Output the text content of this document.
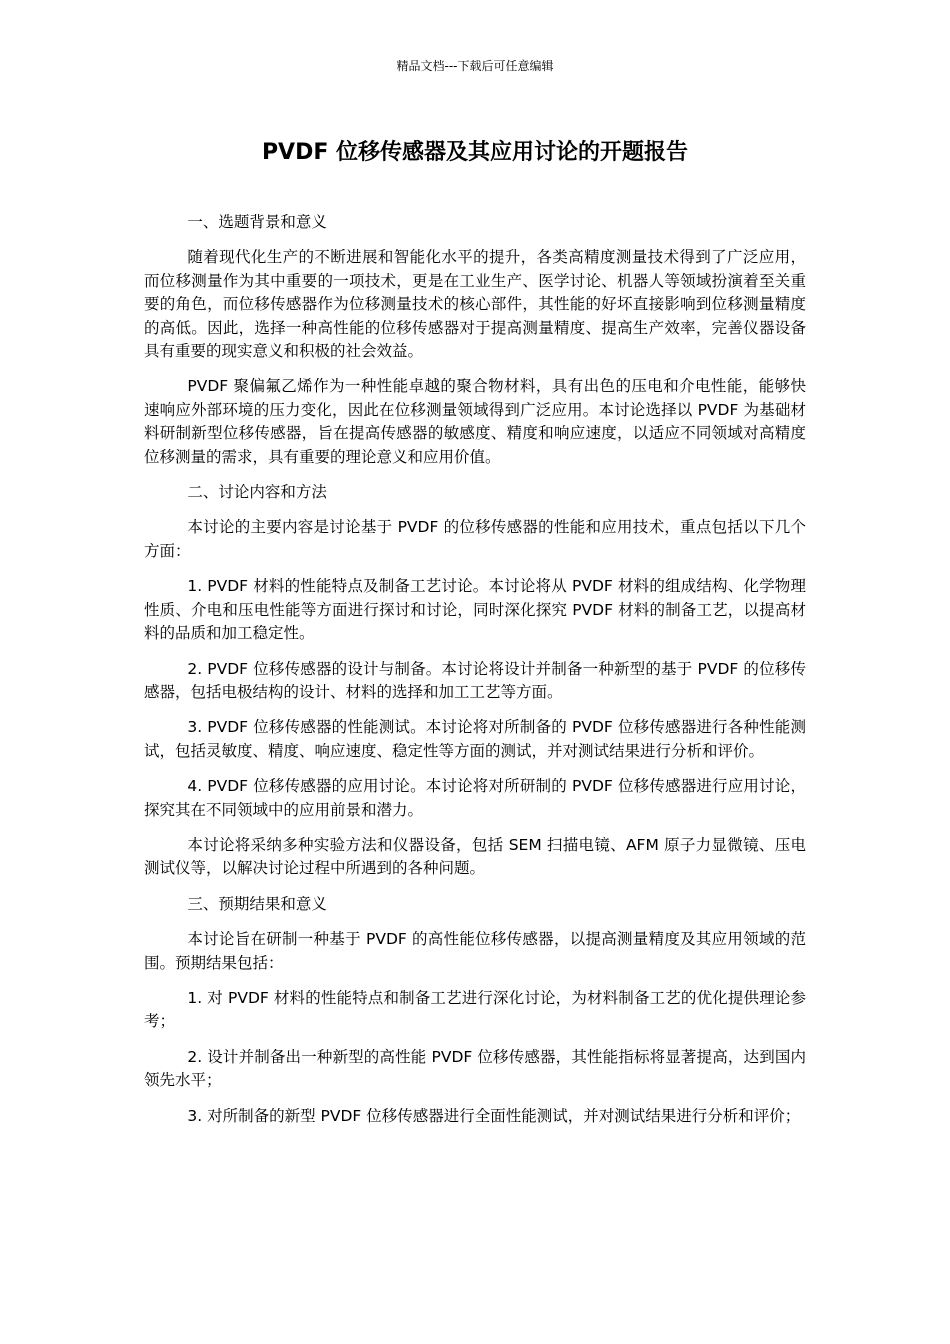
精品文档---下载后可任意编辑
PVDF 位移传感器及其应用讨论的开题报告

一、选题背景和意义

随着现代化生产的不断进展和智能化水平的提升，各类高精度测量技术得到了广泛应用，而位移测量作为其中重要的一项技术，更是在工业生产、医学讨论、机器人等领域扮演着至关重要的角色，而位移传感器作为位移测量技术的核心部件，其性能的好坏直接影响到位移测量精度的高低。因此，选择一种高性能的位移传感器对于提高测量精度、提高生产效率，完善仪器设备具有重要的现实意义和积极的社会效益。

PVDF 聚偏氟乙烯作为一种性能卓越的聚合物材料，具有出色的压电和介电性能，能够快速响应外部环境的压力变化，因此在位移测量领域得到广泛应用。本讨论选择以 PVDF 为基础材料研制新型位移传感器，旨在提高传感器的敏感度、精度和响应速度，以适应不同领域对高精度位移测量的需求，具有重要的理论意义和应用价值。

二、讨论内容和方法

本讨论的主要内容是讨论基于 PVDF 的位移传感器的性能和应用技术，重点包括以下几个方面：

1. PVDF 材料的性能特点及制备工艺讨论。本讨论将从 PVDF 材料的组成结构、化学物理性质、介电和压电性能等方面进行探讨和讨论，同时深化探究 PVDF 材料的制备工艺，以提高材料的品质和加工稳定性。

2. PVDF 位移传感器的设计与制备。本讨论将设计并制备一种新型的基于 PVDF 的位移传感器，包括电极结构的设计、材料的选择和加工工艺等方面。

3. PVDF 位移传感器的性能测试。本讨论将对所制备的 PVDF 位移传感器进行各种性能测试，包括灵敏度、精度、响应速度、稳定性等方面的测试，并对测试结果进行分析和评价。

4. PVDF 位移传感器的应用讨论。本讨论将对所研制的 PVDF 位移传感器进行应用讨论，探究其在不同领域中的应用前景和潜力。

本讨论将采纳多种实验方法和仪器设备，包括 SEM 扫描电镜、AFM 原子力显微镜、压电测试仪等，以解决讨论过程中所遇到的各种问题。

三、预期结果和意义

本讨论旨在研制一种基于 PVDF 的高性能位移传感器，以提高测量精度及其应用领域的范围。预期结果包括：

1. 对 PVDF 材料的性能特点和制备工艺进行深化讨论，为材料制备工艺的优化提供理论参考；

2. 设计并制备出一种新型的高性能 PVDF 位移传感器，其性能指标将显著提高，达到国内领先水平；

3. 对所制备的新型 PVDF 位移传感器进行全面性能测试，并对测试结果进行分析和评价；
